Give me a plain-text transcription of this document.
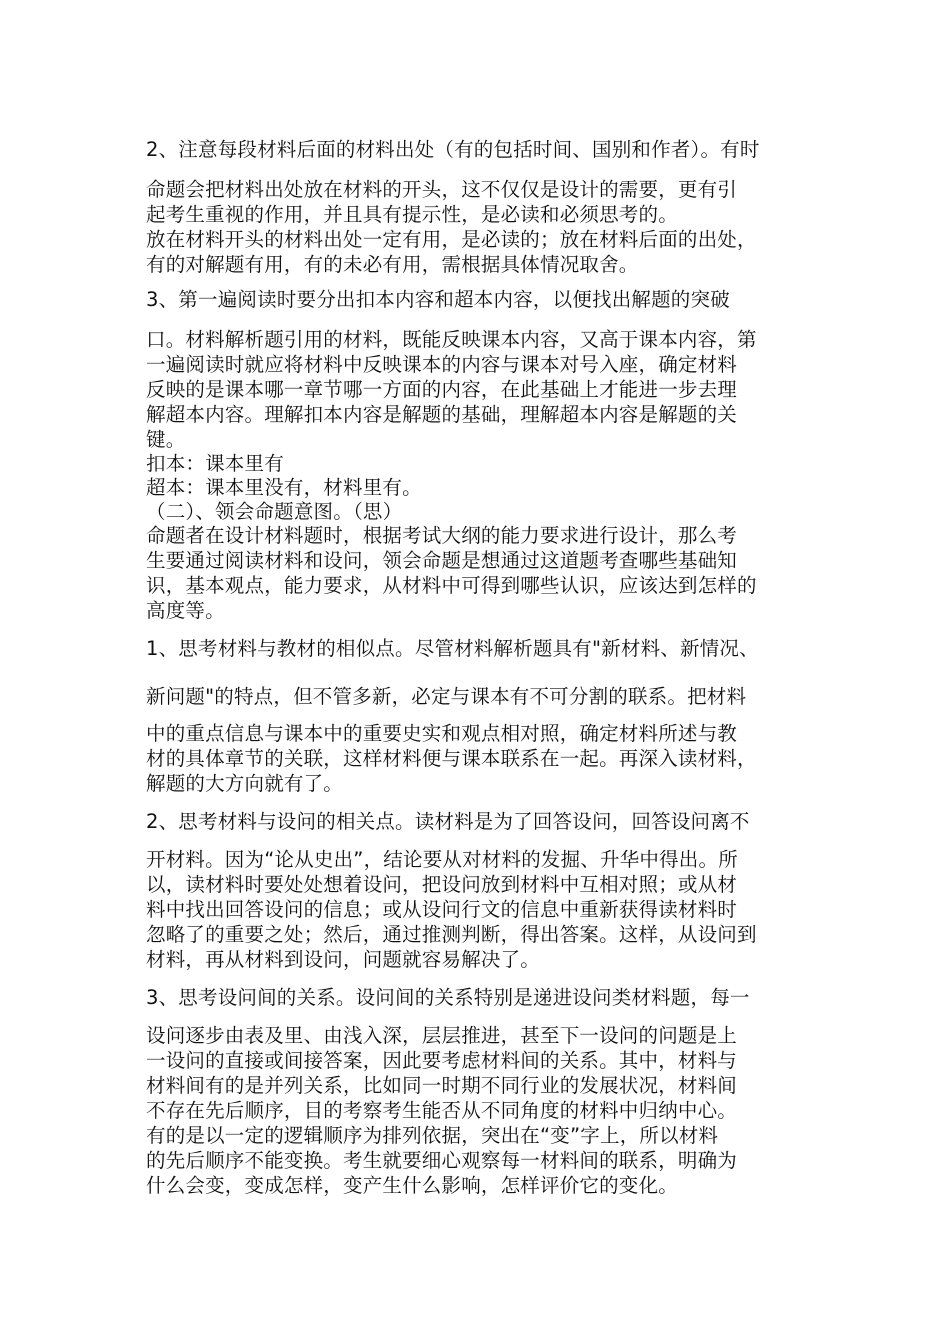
2、注意每段材料后面的材料出处（有的包括时间、国别和作者）。有时
命题会把材料出处放在材料的开头，这不仅仅是设计的需要，更有引
起考生重视的作用，并且具有提示性，是必读和必须思考的。
放在材料开头的材料出处一定有用，是必读的；放在材料后面的出处，
有的对解题有用，有的未必有用，需根据具体情况取舍。
3、第一遍阅读时要分出扣本内容和超本内容，以便找出解题的突破
口。材料解析题引用的材料，既能反映课本内容，又高于课本内容，第
一遍阅读时就应将材料中反映课本的内容与课本对号入座，确定材料
反映的是课本哪一章节哪一方面的内容，在此基础上才能进一步去理
解超本内容。理解扣本内容是解题的基础，理解超本内容是解题的关
键。
扣本：课本里有
超本：课本里没有，材料里有。
（二）、领会命题意图。（思）
命题者在设计材料题时，根据考试大纲的能力要求进行设计，那么考
生要通过阅读材料和设问，领会命题是想通过这道题考查哪些基础知
识，基本观点，能力要求，从材料中可得到哪些认识，应该达到怎样的
高度等。
1、思考材料与教材的相似点。尽管材料解析题具有"新材料、新情况、
新问题"的特点，但不管多新，必定与课本有不可分割的联系。把材料
中的重点信息与课本中的重要史实和观点相对照，确定材料所述与教
材的具体章节的关联，这样材料便与课本联系在一起。再深入读材料，
解题的大方向就有了。
2、思考材料与设问的相关点。读材料是为了回答设问，回答设问离不
开材料。因为“论从史出”，结论要从对材料的发掘、升华中得出。所
以，读材料时要处处想着设问，把设问放到材料中互相对照；或从材
料中找出回答设问的信息；或从设问行文的信息中重新获得读材料时
忽略了的重要之处；然后，通过推测判断，得出答案。这样，从设问到
材料，再从材料到设问，问题就容易解决了。
3、思考设问间的关系。设问间的关系特别是递进设问类材料题，每一
设问逐步由表及里、由浅入深，层层推进，甚至下一设问的问题是上
一设问的直接或间接答案，因此要考虑材料间的关系。其中，材料与
材料间有的是并列关系，比如同一时期不同行业的发展状况，材料间
不存在先后顺序，目的考察考生能否从不同角度的材料中归纳中心。
有的是以一定的逻辑顺序为排列依据，突出在“变”字上，所以材料
的先后顺序不能变换。考生就要细心观察每一材料间的联系，明确为
什么会变，变成怎样，变产生什么影响，怎样评价它的变化。
